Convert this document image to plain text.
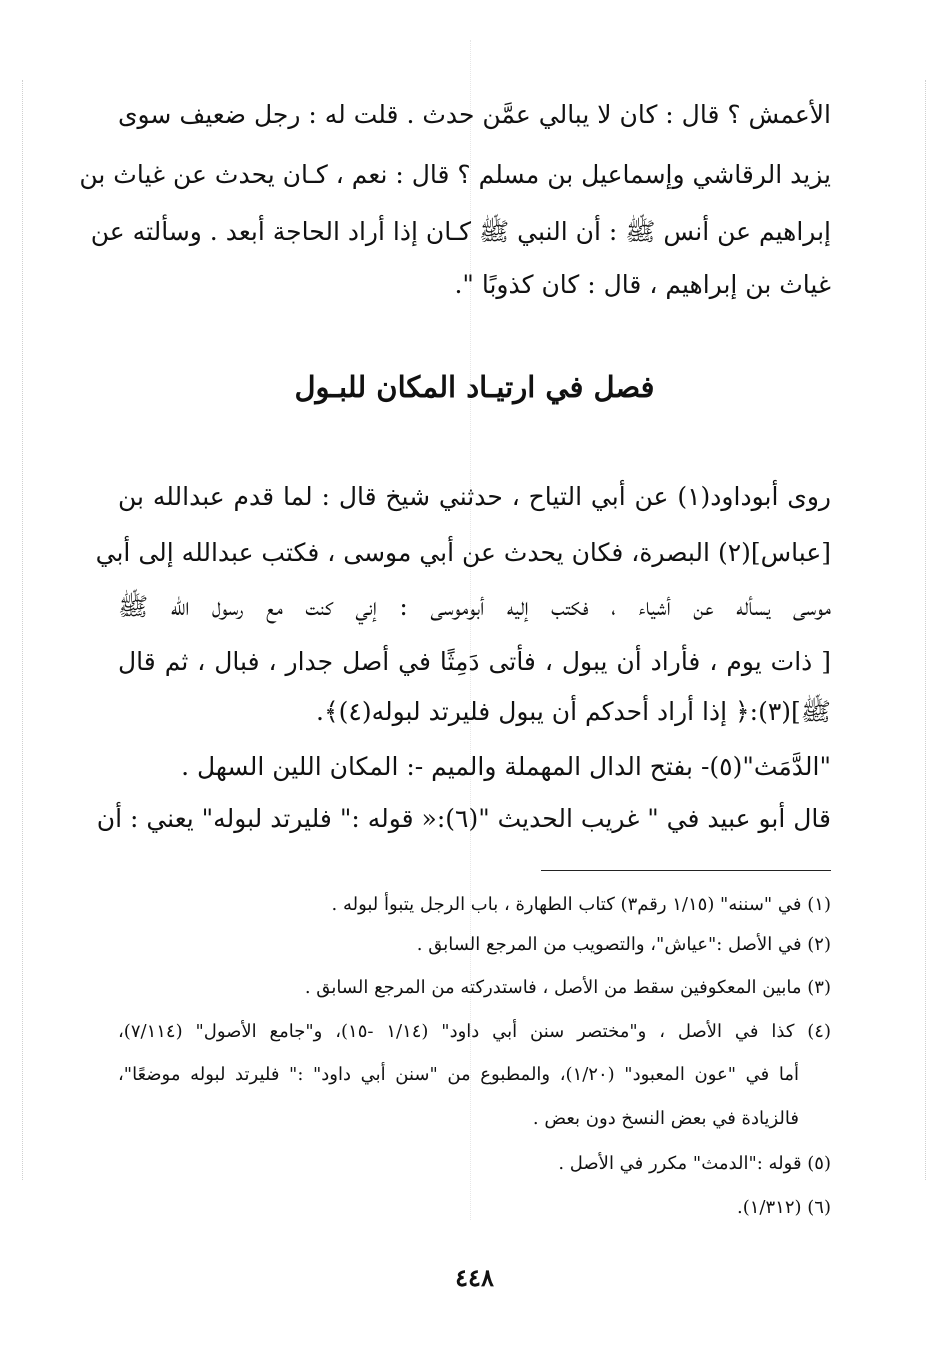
الأعمش ؟ قال : كان لا يبالي عمَّن حدث . قلت له : رجل ضعيف سوى
يزيد الرقاشي وإسماعيل بن مسلم ؟ قال : نعم ، كـان يحدث عن غياث بن
إبراهيم عن أنس ﷺ : أن النبي ﷺ كـان إذا أراد الحاجة أبعد . وسألته عن
غياث بن إبراهيم ، قال : كان كذوبًا ".
فصل في ارتيـاد المكان للبـول
روى أبوداود(١) عن أبي التياح ، حدثني شيخ قال : لما قدم عبدالله بن
[عباس](٢) البصرة، فكان يحدث عن أبي موسى ، فكتب عبدالله إلى أبي
موسى يسأله عن أشياء ، فكتب إليه أبوموسى : إني كنت مع رسول الله ﷺ
[ ذات يوم ، فأراد أن يبول ، فأتى دَمِثًا في أصل جدار ، فبال ، ثم قال
ﷺ](٣):﴿ إذا أراد أحدكم أن يبول فليرتد لبوله(٤)﴾.
"الدَّمَث"(٥)- بفتح الدال المهملة والميم -: المكان اللين السهل .
قال أبو عبيد في " غريب الحديث "(٦):« قوله :" فليرتد لبوله" يعني : أن
(١) في "سننه" (١/١٥ رقم٣) كتاب الطهارة ، باب الرجل يتبوأ لبوله .
(٢) في الأصل :"عياش"، والتصويب من المرجع السابق .
(٣) مابين المعكوفين سقط من الأصل ، فاستدركته من المرجع السابق .
(٤) كذا في الأصل ، و"مختصر سنن أبي داود" (١/١٤ -١٥)، و"جامع الأصول" (٧/١١٤)،
أما في "عون المعبود" (١/٢٠)، والمطبوع من "سنن أبي داود" :" فليرتد لبوله موضعًا"،
فالزيادة في بعض النسخ دون بعض .
(٥) قوله :"الدمث" مكرر في الأصل .
(٦) (١/٣١٢).
٤٤٨
